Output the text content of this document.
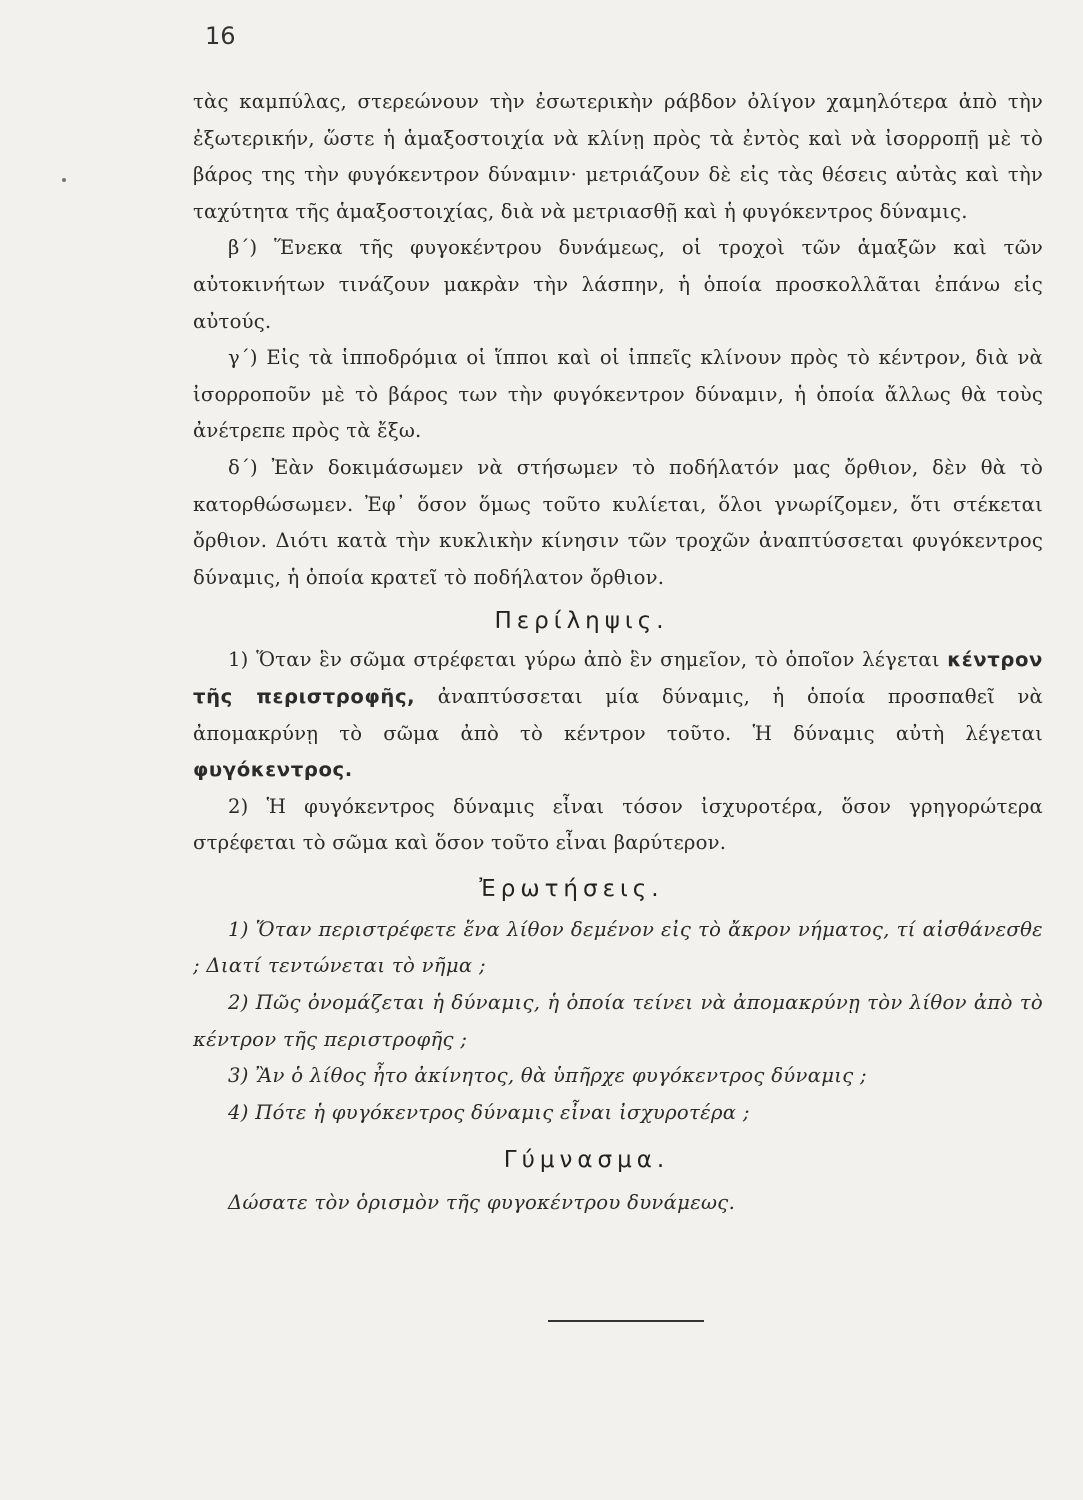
16

τὰς καμπύλας, στερεώνουν τὴν ἐσωτερικὴν ράβδον ὀλίγον χαμηλότερα ἀπὸ τὴν ἐξωτερικήν, ὥστε ἡ ἁμαξοστοιχία νὰ κλίνῃ πρὸς τὰ ἐντὸς καὶ νὰ ἰσορροπῇ μὲ τὸ βάρος της τὴν φυγόκεντρον δύναμιν· μετριάζουν δὲ εἰς τὰς θέσεις αὐτὰς καὶ τὴν ταχύτητα τῆς ἁμαξοστοιχίας, διὰ νὰ μετριασθῇ καὶ ἡ φυγόκεντρος δύναμις.

β΄) Ἕνεκα τῆς φυγοκέντρου δυνάμεως, οἱ τροχοὶ τῶν ἁμαξῶν καὶ τῶν αὐτοκινήτων τινάζουν μακρὰν τὴν λάσπην, ἡ ὁποία προσκολλᾶται ἐπάνω εἰς αὐτούς.

γ΄) Εἰς τὰ ἱπποδρόμια οἱ ἵπποι καὶ οἱ ἱππεῖς κλίνουν πρὸς τὸ κέντρον, διὰ νὰ ἰσορροποῦν μὲ τὸ βάρος των τὴν φυγόκεντρον δύναμιν, ἡ ὁποία ἄλλως θὰ τοὺς ἀνέτρεπε πρὸς τὰ ἔξω.

δ΄) Ἐὰν δοκιμάσωμεν νὰ στήσωμεν τὸ ποδήλατόν μας ὄρθιον, δὲν θὰ τὸ κατορθώσωμεν. Ἐφ᾿ ὅσον ὅμως τοῦτο κυλίεται, ὅλοι γνωρίζομεν, ὅτι στέκεται ὄρθιον. Διότι κατὰ τὴν κυκλικὴν κίνησιν τῶν τροχῶν ἀναπτύσσεται φυγόκεντρος δύναμις, ἡ ὁποία κρατεῖ τὸ ποδήλατον ὄρθιον.

Περίληψις.

1) Ὅταν ἓν σῶμα στρέφεται γύρω ἀπὸ ἓν σημεῖον, τὸ ὁποῖον λέγεται κέντρον τῆς περιστροφῆς, ἀναπτύσσεται μία δύναμις, ἡ ὁποία προσπαθεῖ νὰ ἀπομακρύνῃ τὸ σῶμα ἀπὸ τὸ κέντρον τοῦτο. Ἡ δύναμις αὐτὴ λέγεται φυγόκεντρος.

2) Ἡ φυγόκεντρος δύναμις εἶναι τόσον ἰσχυροτέρα, ὅσον γρηγορώτερα στρέφεται τὸ σῶμα καὶ ὅσον τοῦτο εἶναι βαρύτερον.

Ἐρωτήσεις.

1) Ὅταν περιστρέφετε ἕνα λίθον δεμένον εἰς τὸ ἄκρον νήματος, τί αἰσθάνεσθε ; Διατί τεντώνεται τὸ νῆμα ;

2) Πῶς ὀνομάζεται ἡ δύναμις, ἡ ὁποία τείνει νὰ ἀπομακρύνῃ τὸν λίθον ἀπὸ τὸ κέντρον τῆς περιστροφῆς ;

3) Ἂν ὁ λίθος ἦτο ἀκίνητος, θὰ ὑπῆρχε φυγόκεντρος δύναμις ;

4) Πότε ἡ φυγόκεντρος δύναμις εἶναι ἰσχυροτέρα ;

Γύμνασμα.

Δώσατε τὸν ὁρισμὸν τῆς φυγοκέντρου δυνάμεως.
